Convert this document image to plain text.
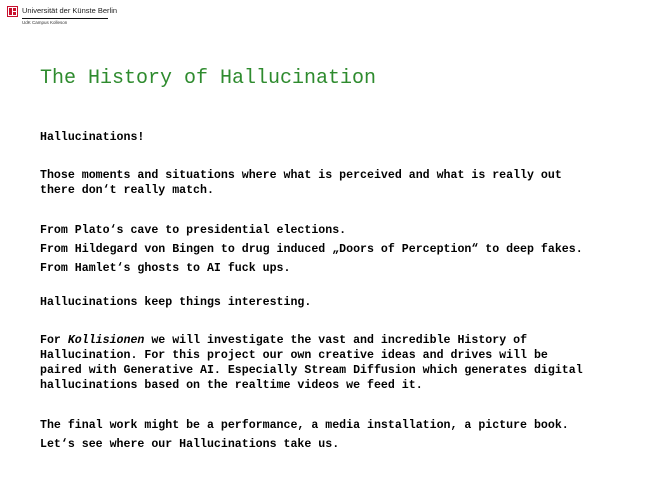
Universität der Künste Berlin
UdK Campus Kolleson
The History of Hallucination

Hallucinations!

Those moments and situations where what is perceived and what is really out
there don‘t really match.

From Plato‘s cave to presidential elections.
From Hildegard von Bingen to drug induced „Doors of Perception“ to deep fakes.
From Hamlet‘s ghosts to AI fuck ups.

Hallucinations keep things interesting.

For Kollisionen we will investigate the vast and incredible History of
Hallucination. For this project our own creative ideas and drives will be
paired with Generative AI. Especially Stream Diffusion which generates digital
hallucinations based on the realtime videos we feed it.

The final work might be a performance, a media installation, a picture book.
Let‘s see where our Hallucinations take us.
